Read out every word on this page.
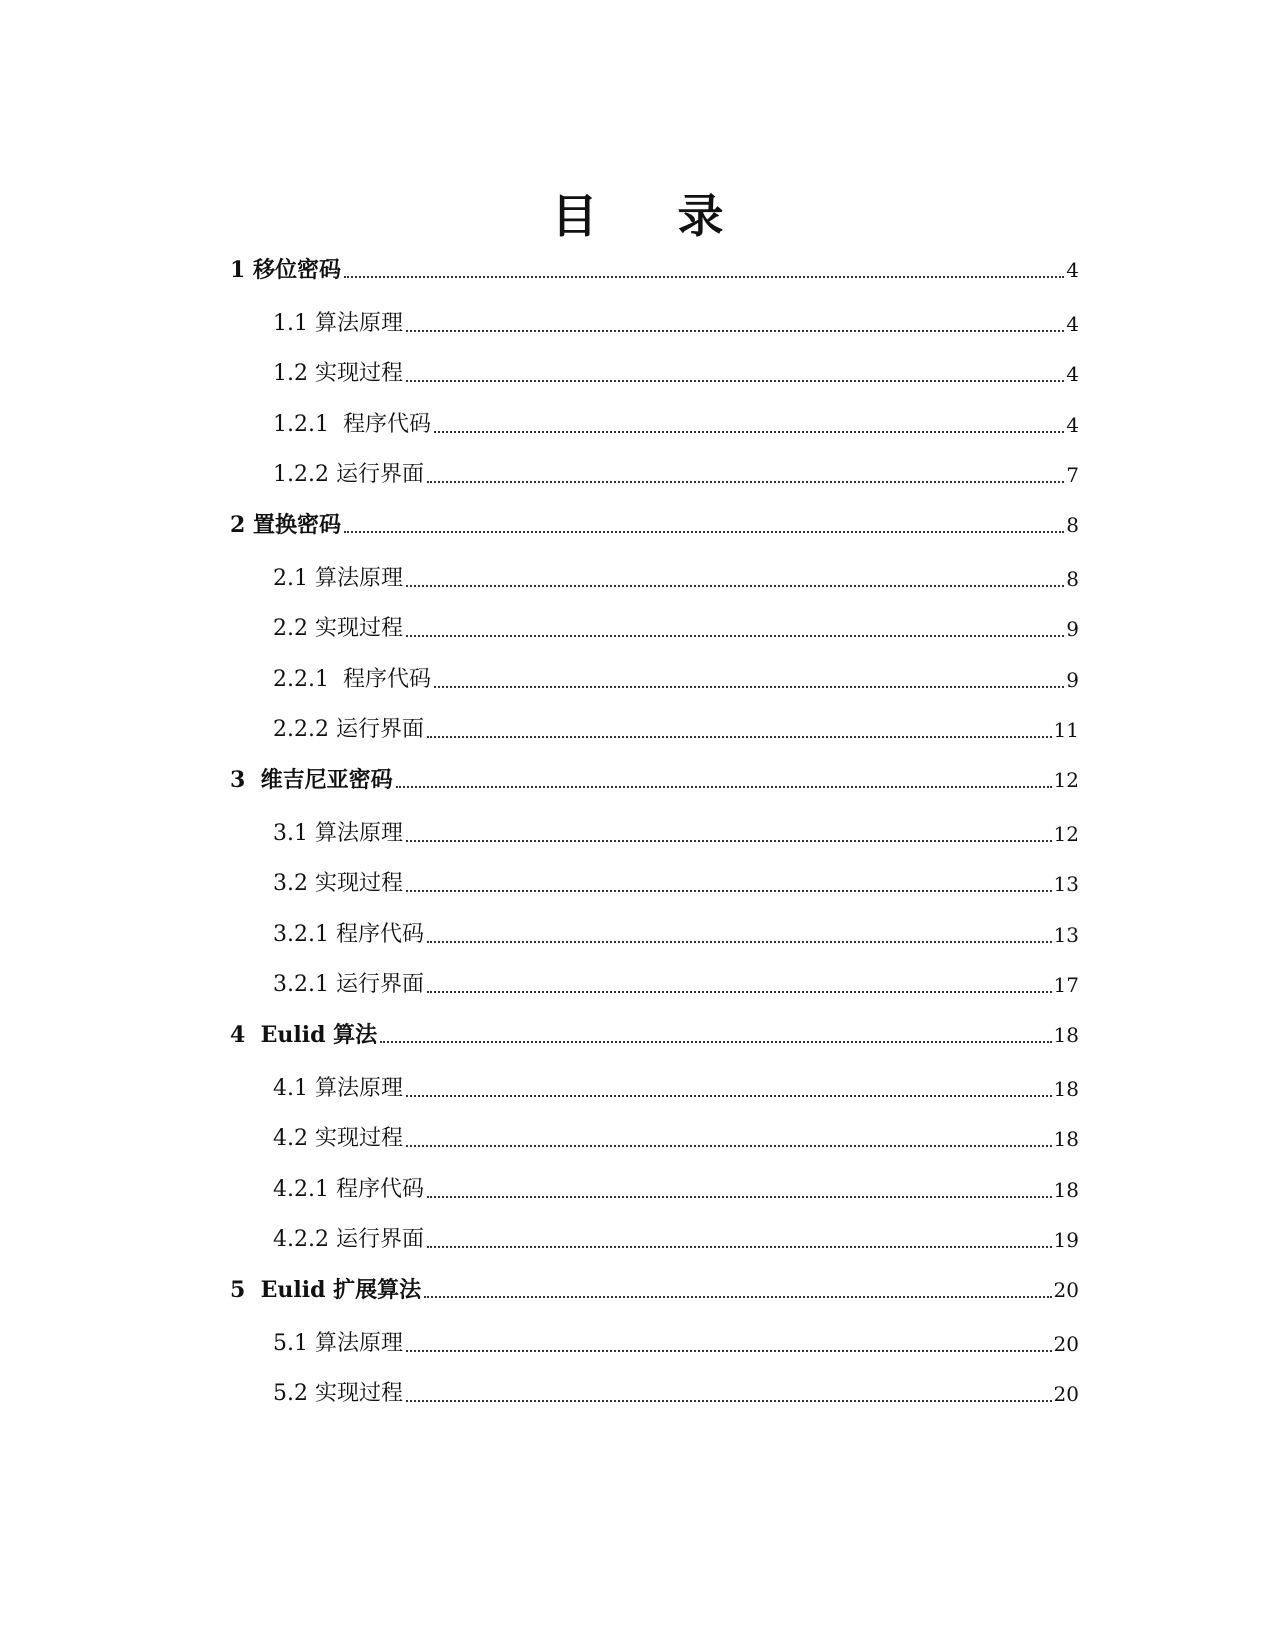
目录
1 移位密码	4
1.1 算法原理	4
1.2 实现过程	4
1.2.1  程序代码	4
1.2.2 运行界面	7
2 置换密码	8
2.1 算法原理	8
2.2 实现过程	9
2.2.1  程序代码	9
2.2.2 运行界面	11
3  维吉尼亚密码	12
3.1 算法原理	12
3.2 实现过程	13
3.2.1 程序代码	13
3.2.1 运行界面	17
4  Eulid 算法	18
4.1 算法原理	18
4.2 实现过程	18
4.2.1 程序代码	18
4.2.2 运行界面	19
5  Eulid 扩展算法	20
5.1 算法原理	20
5.2 实现过程	20
